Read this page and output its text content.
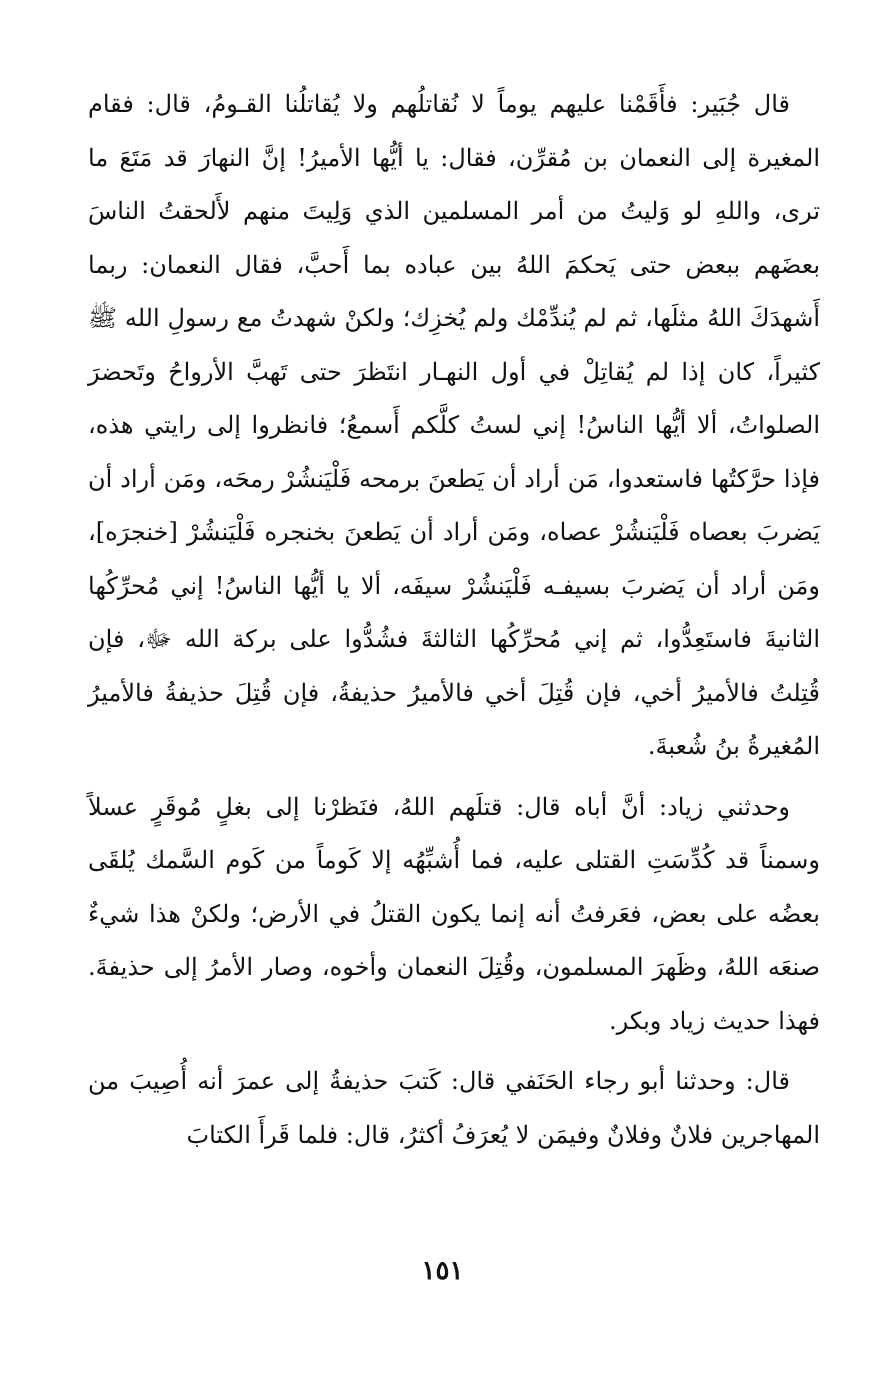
قال جُبَير: فأَقَمْنا عليهم يوماً لا نُقاتلُهم ولا يُقاتلُنا القـومُ، قال: فقام المغيرة إلى النعمان بن مُقرِّن، فقال: يا أيُّها الأميرُ! إنَّ النهارَ قد مَتَعَ ما ترى، واللهِ لو وَليتُ من أمر المسلمين الذي وَلِيتَ منهم لأَلحقتُ الناسَ بعضَهم ببعض حتى يَحكمَ اللهُ بين عباده بما أَحبَّ، فقال النعمان: ربما أَشهدَكَ اللهُ مثلَها، ثم لم يُندِّمْك ولم يُخزِك؛ ولكنْ شهدتُ مع رسولِ الله ﷺ كثيراً، كان إذا لم يُقاتِلْ في أول النهـار انتَظرَ حتى تَهبَّ الأرواحُ وتَحضرَ الصلواتُ، ألا أيُّها الناسُ! إني لستُ كلَّكم أَسمعُ؛ فانظروا إلى رايتي هذه، فإذا حرَّكتُها فاستعدوا، مَن أراد أن يَطعنَ برمحه فَلْيَنشُرْ رمحَه، ومَن أراد أن يَضربَ بعصاه فَلْيَنشُرْ عصاه، ومَن أراد أن يَطعنَ بخنجره فَلْيَنشُرْ [خنجرَه]، ومَن أراد أن يَضربَ بسيفـه فَلْيَنشُرْ سيفَه، ألا يا أيُّها الناسُ! إني مُحرِّكُها الثانيةَ فاستَعِدُّوا، ثم إني مُحرِّكُها الثالثةَ فشُدُّوا على بركة الله ﷻ، فإن قُتِلتُ فالأميرُ أخي، فإن قُتِلَ أخي فالأميرُ حذيفةُ، فإن قُتِلَ حذيفةُ فالأميرُ المُغيرةُ بنُ شُعبةَ.

وحدثني زياد: أنَّ أباه قال: قتلَهم اللهُ، فنَظرْنا إلى بغلٍ مُوقَرٍ عسلاً وسمناً قد كُدِّسَتِ القتلى عليه، فما أُشبِّهُه إلا كَوماً من كَوم السَّمك يُلقَى بعضُه على بعض، فعَرفتُ أنه إنما يكون القتلُ في الأرض؛ ولكنْ هذا شيءٌ صنعَه اللهُ، وظَهرَ المسلمون، وقُتِلَ النعمان وأخوه، وصار الأمرُ إلى حذيفةَ. فهذا حديث زياد وبكر.

قال: وحدثنا أبو رجاء الحَنَفي قال: كَتبَ حذيفةُ إلى عمرَ أنه أُصِيبَ من المهاجرين فلانٌ وفلانٌ وفيمَن لا يُعرَفُ أكثرُ، قال: فلما قَرأَ الكتابَ

١٥١
